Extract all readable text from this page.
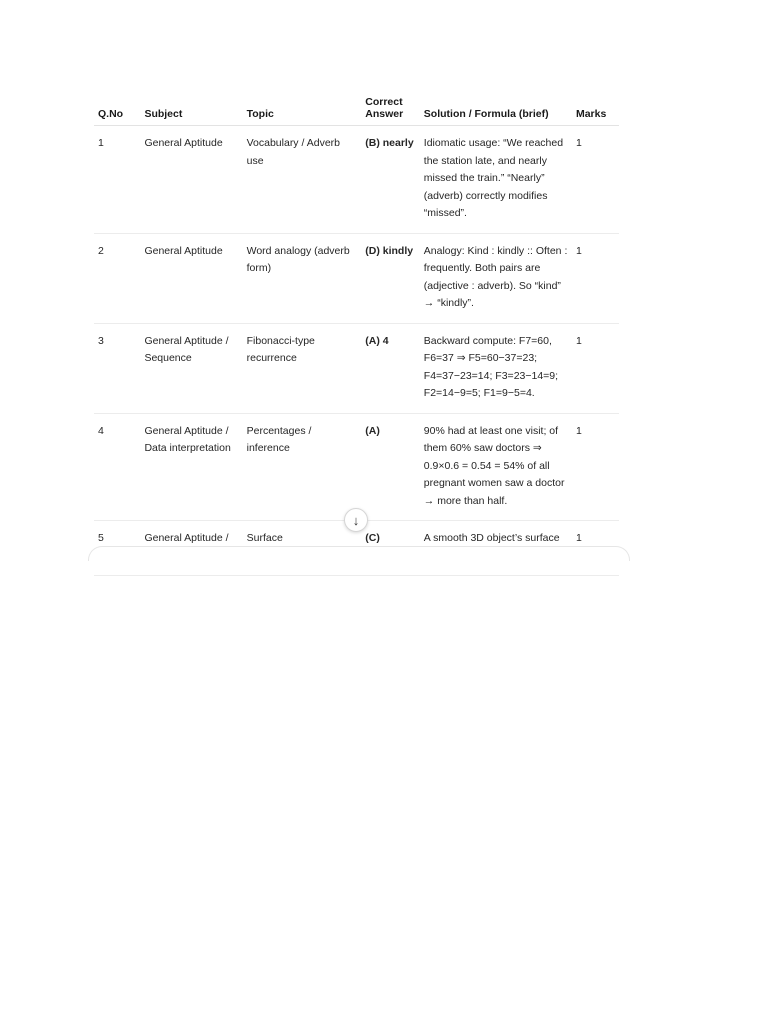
Q.No	Subject	Topic	Correct Answer	Solution / Formula (brief)	Marks
1	General Aptitude	Vocabulary / Adverb use	(B) nearly	Idiomatic usage: “We reached the station late, and nearly missed the train.” “Nearly” (adverb) correctly modifies “missed”.	1
2	General Aptitude	Word analogy (adverb form)	(D) kindly	Analogy: Kind : kindly :: Often : frequently. Both pairs are (adjective : adverb). So “kind” → “kindly”.	1
3	General Aptitude / Sequence	Fibonacci-type recurrence	(A) 4	Backward compute: F7=60, F6=37 ⇒ F5=60−37=23; F4=37−23=14; F3=23−14=9; F2=14−9=5; F1=9−5=4.	1
4	General Aptitude / Data interpretation	Percentages / inference	(A)	90% had at least one visit; of them 60% saw doctors ⇒ 0.9×0.6 = 0.54 = 54% of all pregnant women saw a doctor → more than half.	1
5	General Aptitude /	Surface	(C)	A smooth 3D object’s surface	1
↓
